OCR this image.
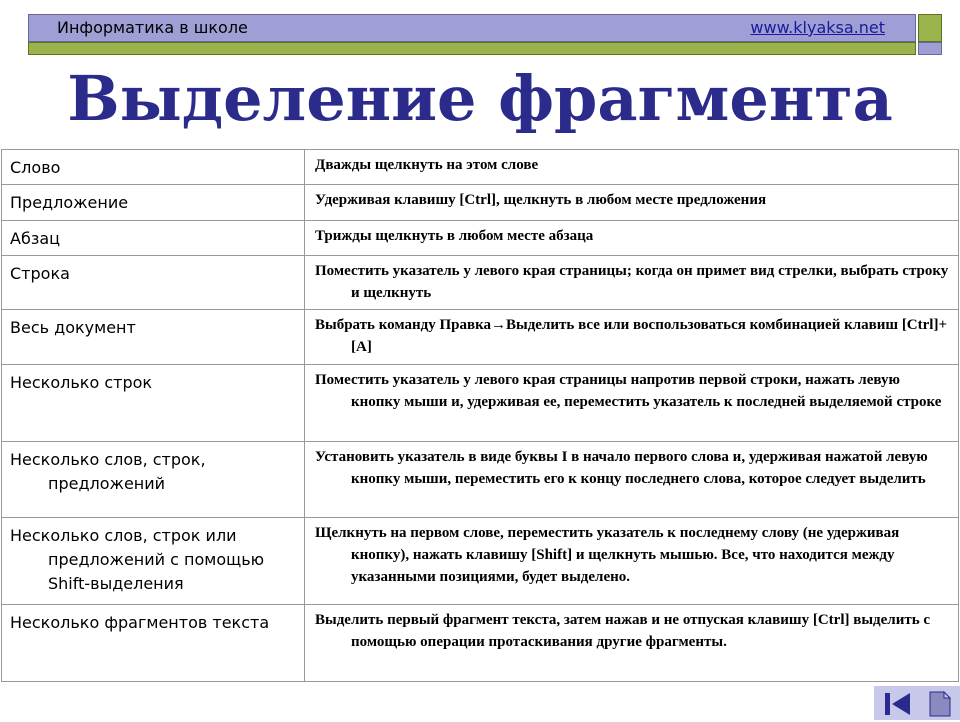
Информатика в школе	www.klyaksa.net
Выделение фрагмента
Слово	Дважды щелкнуть на этом слове

Предложение	Удерживая клавишу [Ctrl], щелкнуть в любом месте предложения

Абзац	Трижды щелкнуть в любом месте абзаца

Строка	Поместить указатель у левого края страницы; когда он примет вид стрелки, выбрать строку и щелкнуть

Весь документ	Выбрать команду Правка→Выделить все или воспользоваться комбинацией клавиш [Ctrl]+[A]

Несколько строк	Поместить указатель у левого края страницы напротив первой строки, нажать левую кнопку мыши и, удерживая ее, переместить указатель к последней выделяемой строке

Несколько слов, строк, предложений	Установить указатель в виде буквы I в начало первого слова и, удерживая нажатой левую кнопку мыши, переместить его к концу последнего слова, которое следует выделить

Несколько слов, строк или предложений с помощью Shift-выделения	Щелкнуть на первом слове, переместить указатель к последнему слову (не удерживая кнопку), нажать клавишу [Shift] и щелкнуть мышью. Все, что находится между указанными позициями, будет выделено.

Несколько фрагментов текста	Выделить первый фрагмент текста, затем нажав и не отпуская клавишу [Ctrl] выделить с помощью операции протаскивания другие фрагменты.
